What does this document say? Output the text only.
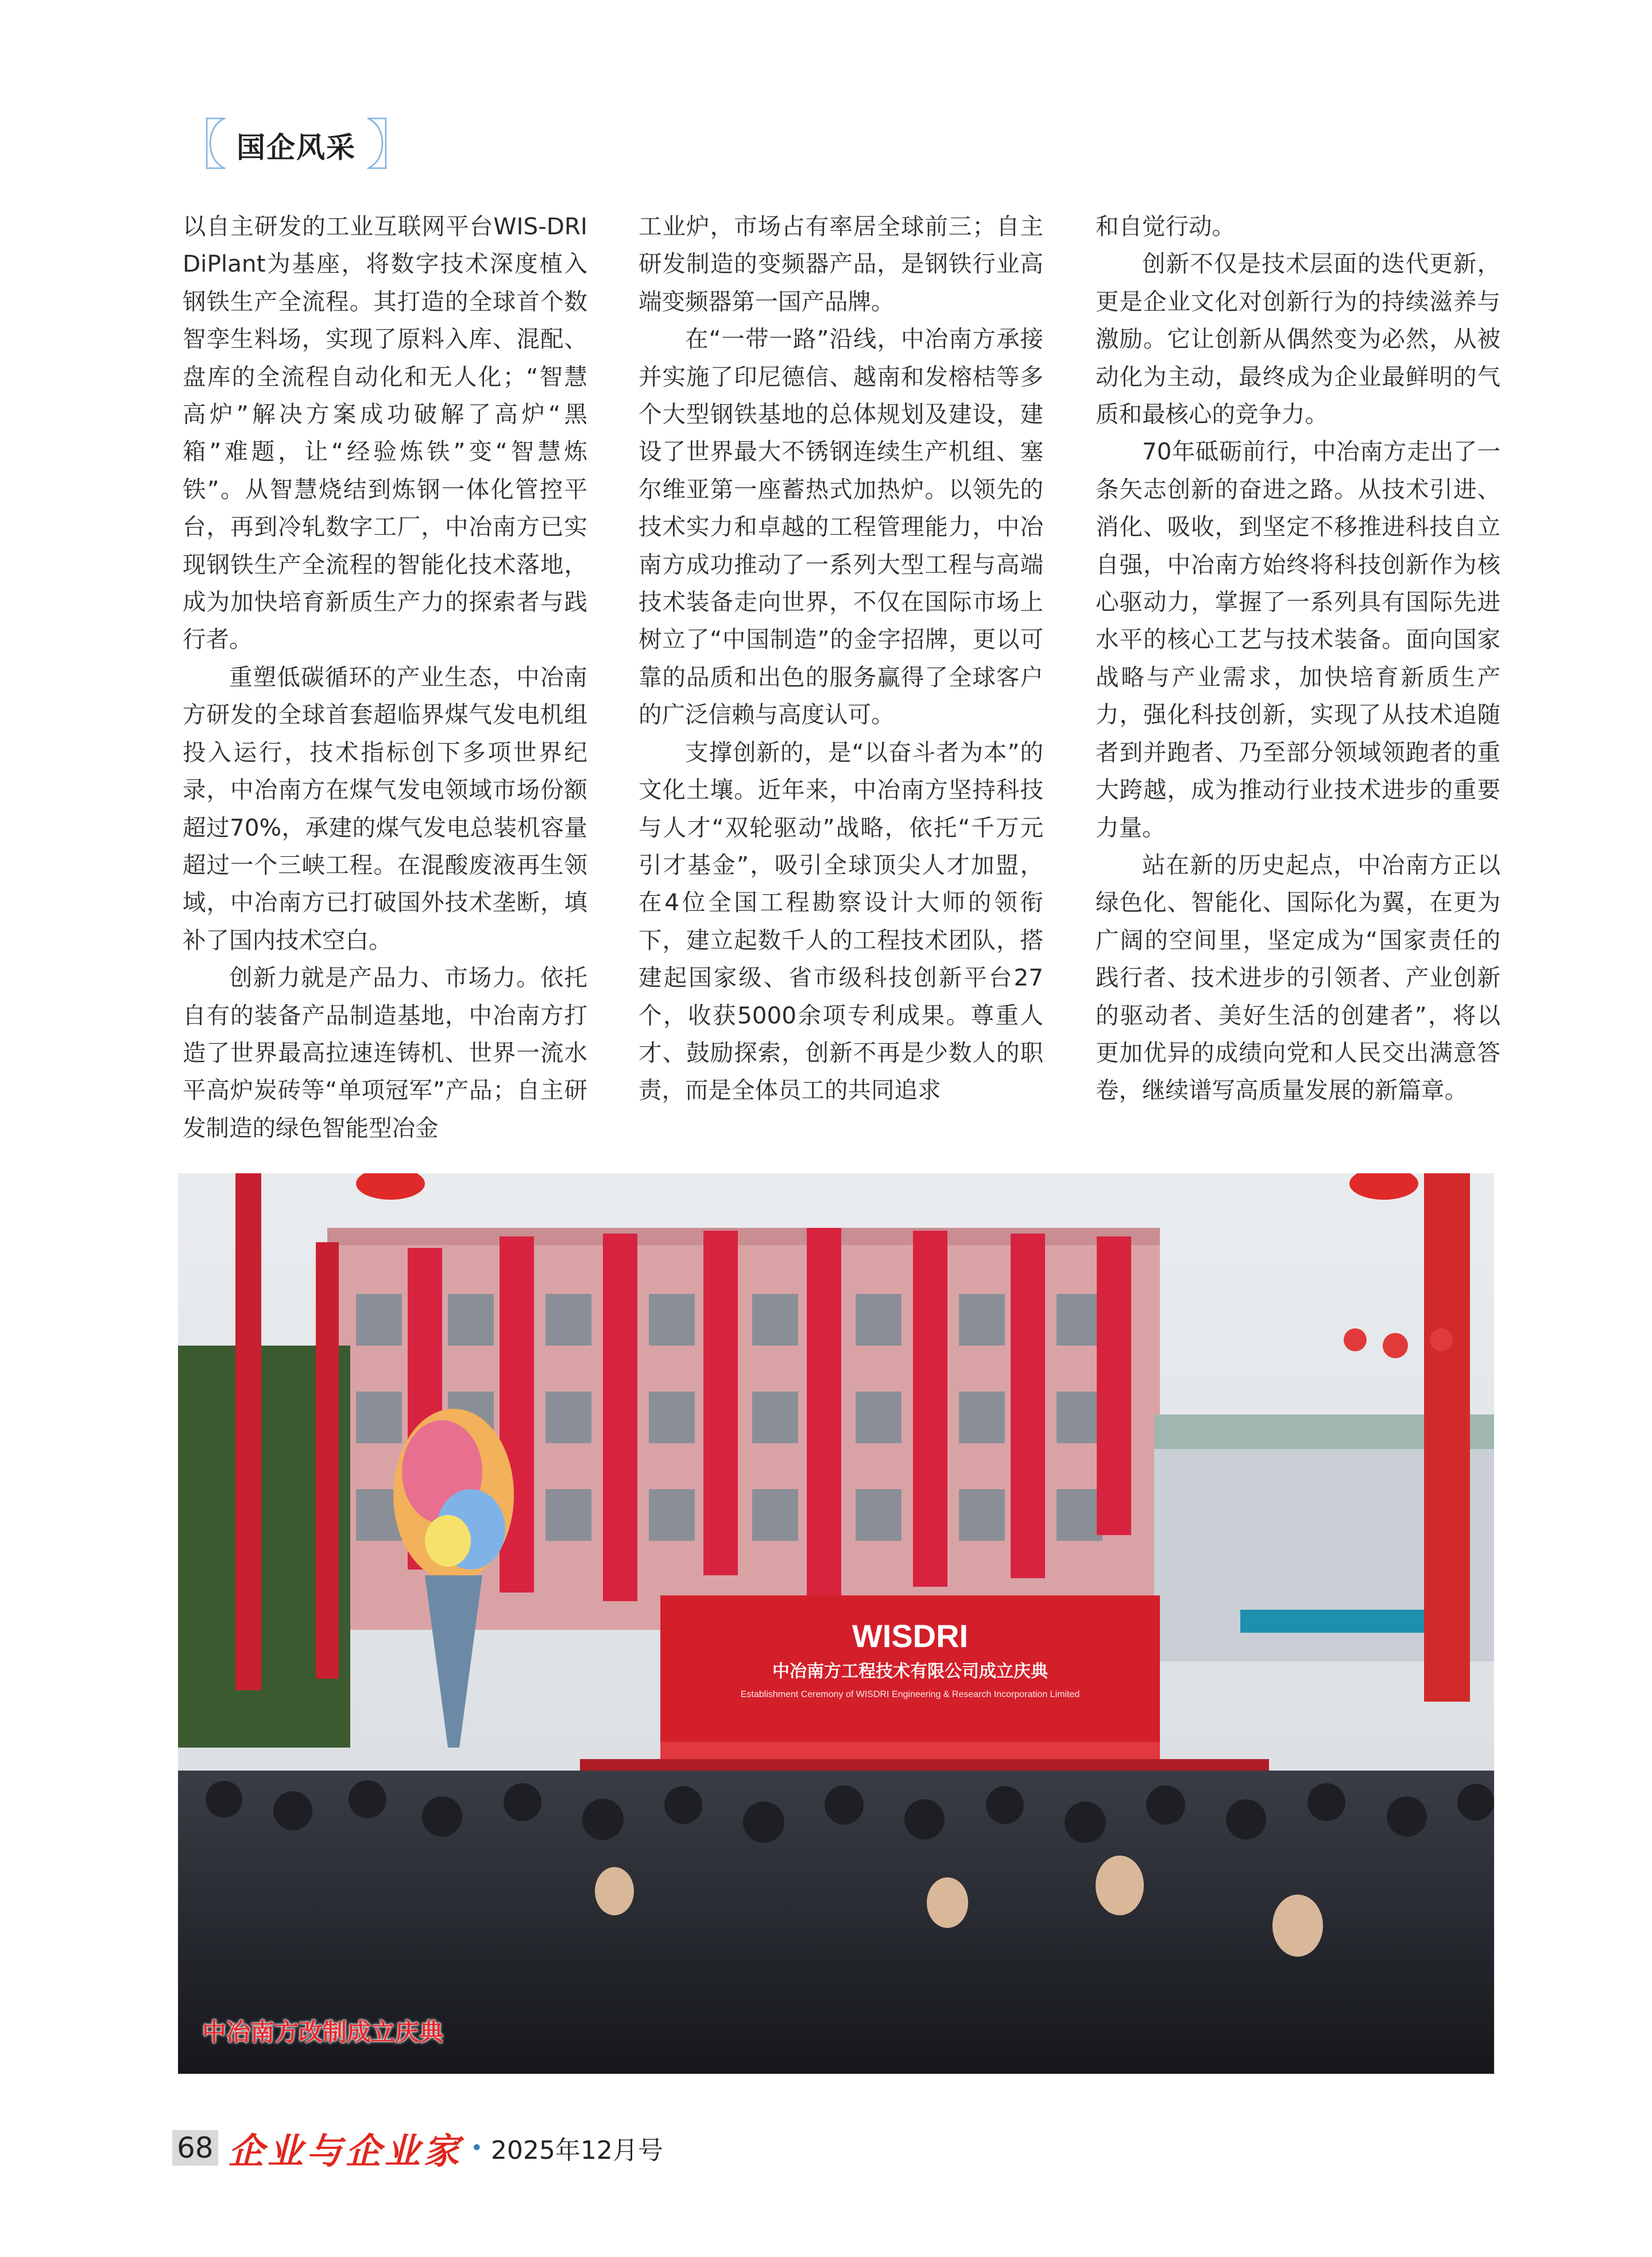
〖 国企风采 〗

以自主研发的工业互联网平台WIS-DRI DiPlant为基座，将数字技术深度植入钢铁生产全流程。其打造的全球首个数智孪生料场，实现了原料入库、混配、盘库的全流程自动化和无人化；“智慧高炉”解决方案成功破解了高炉“黑箱”难题，让“经验炼铁”变“智慧炼铁”。从智慧烧结到炼钢一体化管控平台，再到冷轧数字工厂，中冶南方已实现钢铁生产全流程的智能化技术落地，成为加快培育新质生产力的探索者与践行者。

重塑低碳循环的产业生态，中冶南方研发的全球首套超临界煤气发电机组投入运行，技术指标创下多项世界纪录，中冶南方在煤气发电领域市场份额超过70%，承建的煤气发电总装机容量超过一个三峡工程。在混酸废液再生领域，中冶南方已打破国外技术垄断，填补了国内技术空白。

创新力就是产品力、市场力。依托自有的装备产品制造基地，中冶南方打造了世界最高拉速连铸机、世界一流水平高炉炭砖等“单项冠军”产品；自主研发制造的绿色智能型冶金

工业炉，市场占有率居全球前三；自主研发制造的变频器产品，是钢铁行业高端变频器第一国产品牌。

在“一带一路”沿线，中冶南方承接并实施了印尼德信、越南和发榕桔等多个大型钢铁基地的总体规划及建设，建设了世界最大不锈钢连续生产机组、塞尔维亚第一座蓄热式加热炉。以领先的技术实力和卓越的工程管理能力，中冶南方成功推动了一系列大型工程与高端技术装备走向世界，不仅在国际市场上树立了“中国制造”的金字招牌，更以可靠的品质和出色的服务赢得了全球客户的广泛信赖与高度认可。

支撑创新的，是“以奋斗者为本”的文化土壤。近年来，中冶南方坚持科技与人才“双轮驱动”战略，依托“千万元引才基金”，吸引全球顶尖人才加盟，在4位全国工程勘察设计大师的领衔下，建立起数千人的工程技术团队，搭建起国家级、省市级科技创新平台27个，收获5000余项专利成果。尊重人才、鼓励探索，创新不再是少数人的职责，而是全体员工的共同追求

和自觉行动。

创新不仅是技术层面的迭代更新，更是企业文化对创新行为的持续滋养与激励。它让创新从偶然变为必然，从被动化为主动，最终成为企业最鲜明的气质和最核心的竞争力。

70年砥砺前行，中冶南方走出了一条矢志创新的奋进之路。从技术引进、消化、吸收，到坚定不移推进科技自立自强，中冶南方始终将科技创新作为核心驱动力，掌握了一系列具有国际先进水平的核心工艺与技术装备。面向国家战略与产业需求，加快培育新质生产力，强化科技创新，实现了从技术追随者到并跑者、乃至部分领域领跑者的重大跨越，成为推动行业技术进步的重要力量。

站在新的历史起点，中冶南方正以绿色化、智能化、国际化为翼，在更为广阔的空间里，坚定成为“国家责任的践行者、技术进步的引领者、产业创新的驱动者、美好生活的创建者”，将以更加优异的成绩向党和人民交出满意答卷，继续谱写高质量发展的新篇章。

WISDRI
中冶南方工程技术有限公司成立庆典
Establishment Ceremony of WISDRI Engineering & Research Incorporation Limited
中冶南方改制成立庆典
68 企业与企业家 • 2025年12月号
